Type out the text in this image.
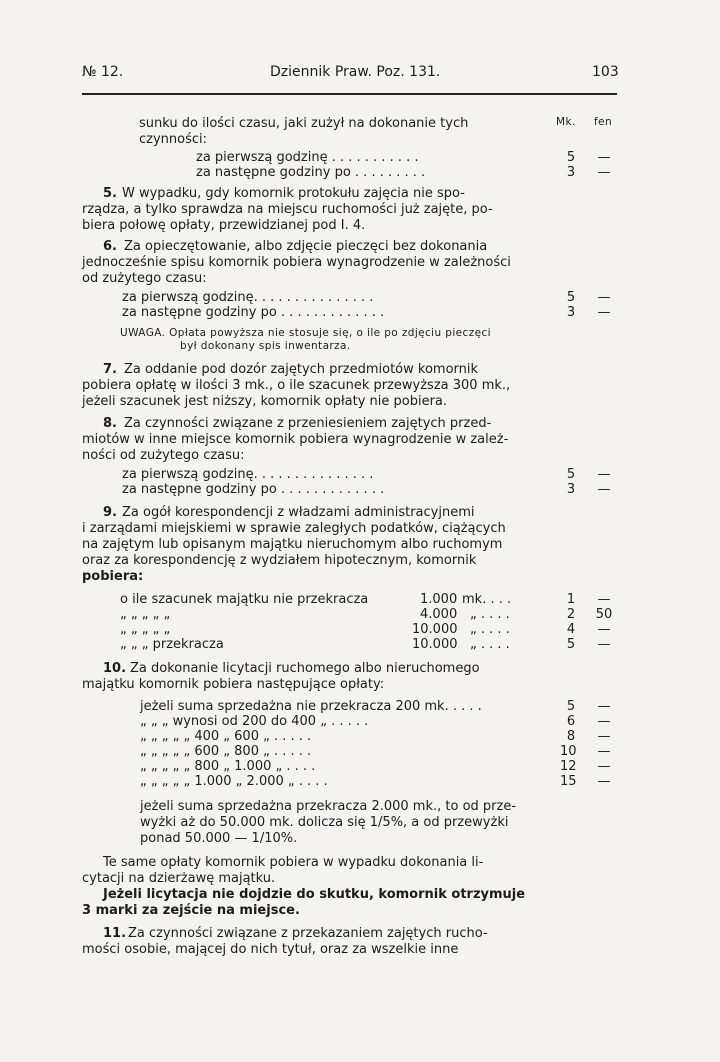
№ 12.	Dziennik Praw. Poz. 131.	103
Mk. fen
sunku do ilości czasu, jaki zużył na dokonanie tych
czynności:
za pierwszą godzinę . . . . . . . . . . .	5 —
za następne godziny po . . . . . . . . .	3 —
5. W wypadku, gdy komornik protokułu zajęcia nie spo-
rządza, a tylko sprawdza na miejscu ruchomości już zajęte, po-
biera połowę opłaty, przewidzianej pod I. 4.
6. Za opieczętowanie, albo zdjęcie pieczęci bez dokonania
jednocześnie spisu komornik pobiera wynagrodzenie w zależności
od zużytego czasu:
za pierwszą godzinę. . . . . . . . . . . . . . .	5 —
za następne godziny po . . . . . . . . . . . . .	3 —
UWAGA. Opłata powyższa nie stosuje się, o ile po zdjęciu pieczęci
był dokonany spis inwentarza.
7. Za oddanie pod dozór zajętych przedmiotów komornik
pobiera opłatę w ilości 3 mk., o ile szacunek przewyższa 300 mk.,
jeżeli szacunek jest niższy, komornik opłaty nie pobiera.
8. Za czynności związane z przeniesieniem zajętych przed-
miotów w inne miejsce komornik pobiera wynagrodzenie w zależ-
ności od zużytego czasu:
za pierwszą godzinę. . . . . . . . . . . . . . .	5 —
za następne godziny po . . . . . . . . . . . . .	3 —
9. Za ogół korespondencji z władzami administracyjnemi
i zarządami miejskiemi w sprawie zaległych podatków, ciążących
na zajętym lub opisanym majątku nieruchomym albo ruchomym
oraz za korespondencję z wydziałem hipotecznym, komornik
pobiera:
o ile szacunek majątku nie przekracza	1.000 mk. . . .	1 —
„ „ „ „ „	4.000 „ . . . .	2 50
„ „ „ „ „	10.000 „ . . . .	4 —
„ „ „ przekracza	10.000 „ . . . .	5 —
10. Za dokonanie licytacji ruchomego albo nieruchomego
majątku komornik pobiera następujące opłaty:
jeżeli suma sprzedażna nie przekracza 200 mk. . . . .	5 —
„ „ „ wynosi od 200 do 400 „ . . . . .	6 —
„ „ „ „ „ 400 „ 600 „ . . . . .	8 —
„ „ „ „ „ 600 „ 800 „ . . . . .	10 —
„ „ „ „ „ 800 „ 1.000 „ . . . .	12 —
„ „ „ „ „ 1.000 „ 2.000 „ . . . .	15 —
jeżeli suma sprzedażna przekracza 2.000 mk., to od prze-
wyżki aż do 50.000 mk. dolicza się 1/5%, a od przewyżki
ponad 50.000 — 1/10%.
Te same opłaty komornik pobiera w wypadku dokonania li-
cytacji na dzierżawę majątku.
Jeżeli licytacja nie dojdzie do skutku, komornik otrzymuje
3 marki za zejście na miejsce.
11. Za czynności związane z przekazaniem zajętych rucho-
mości osobie, mającej do nich tytuł, oraz za wszelkie inne
